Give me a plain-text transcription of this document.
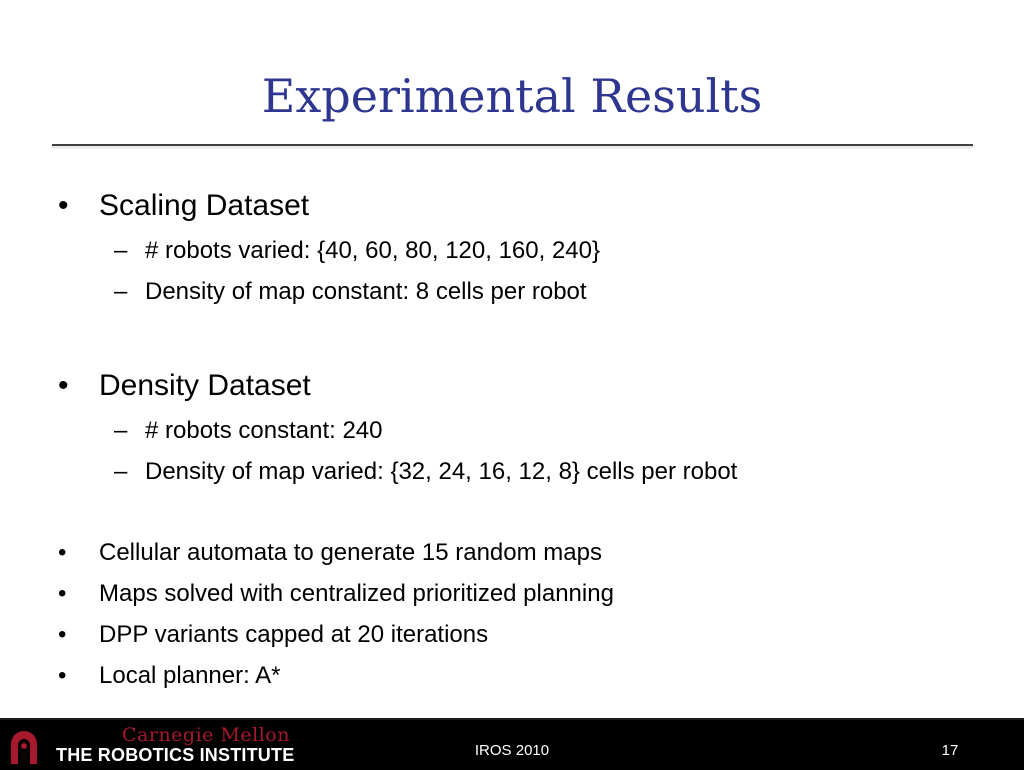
Experimental Results
• Scaling Dataset
– # robots varied: {40, 60, 80, 120, 160, 240}
– Density of map constant: 8 cells per robot
• Density Dataset
– # robots constant: 240
– Density of map varied: {32, 24, 16, 12, 8} cells per robot
• Cellular automata to generate 15 random maps
• Maps solved with centralized prioritized planning
• DPP variants capped at 20 iterations
• Local planner: A*
Carnegie Mellon
THE ROBOTICS INSTITUTE	IROS 2010	17
